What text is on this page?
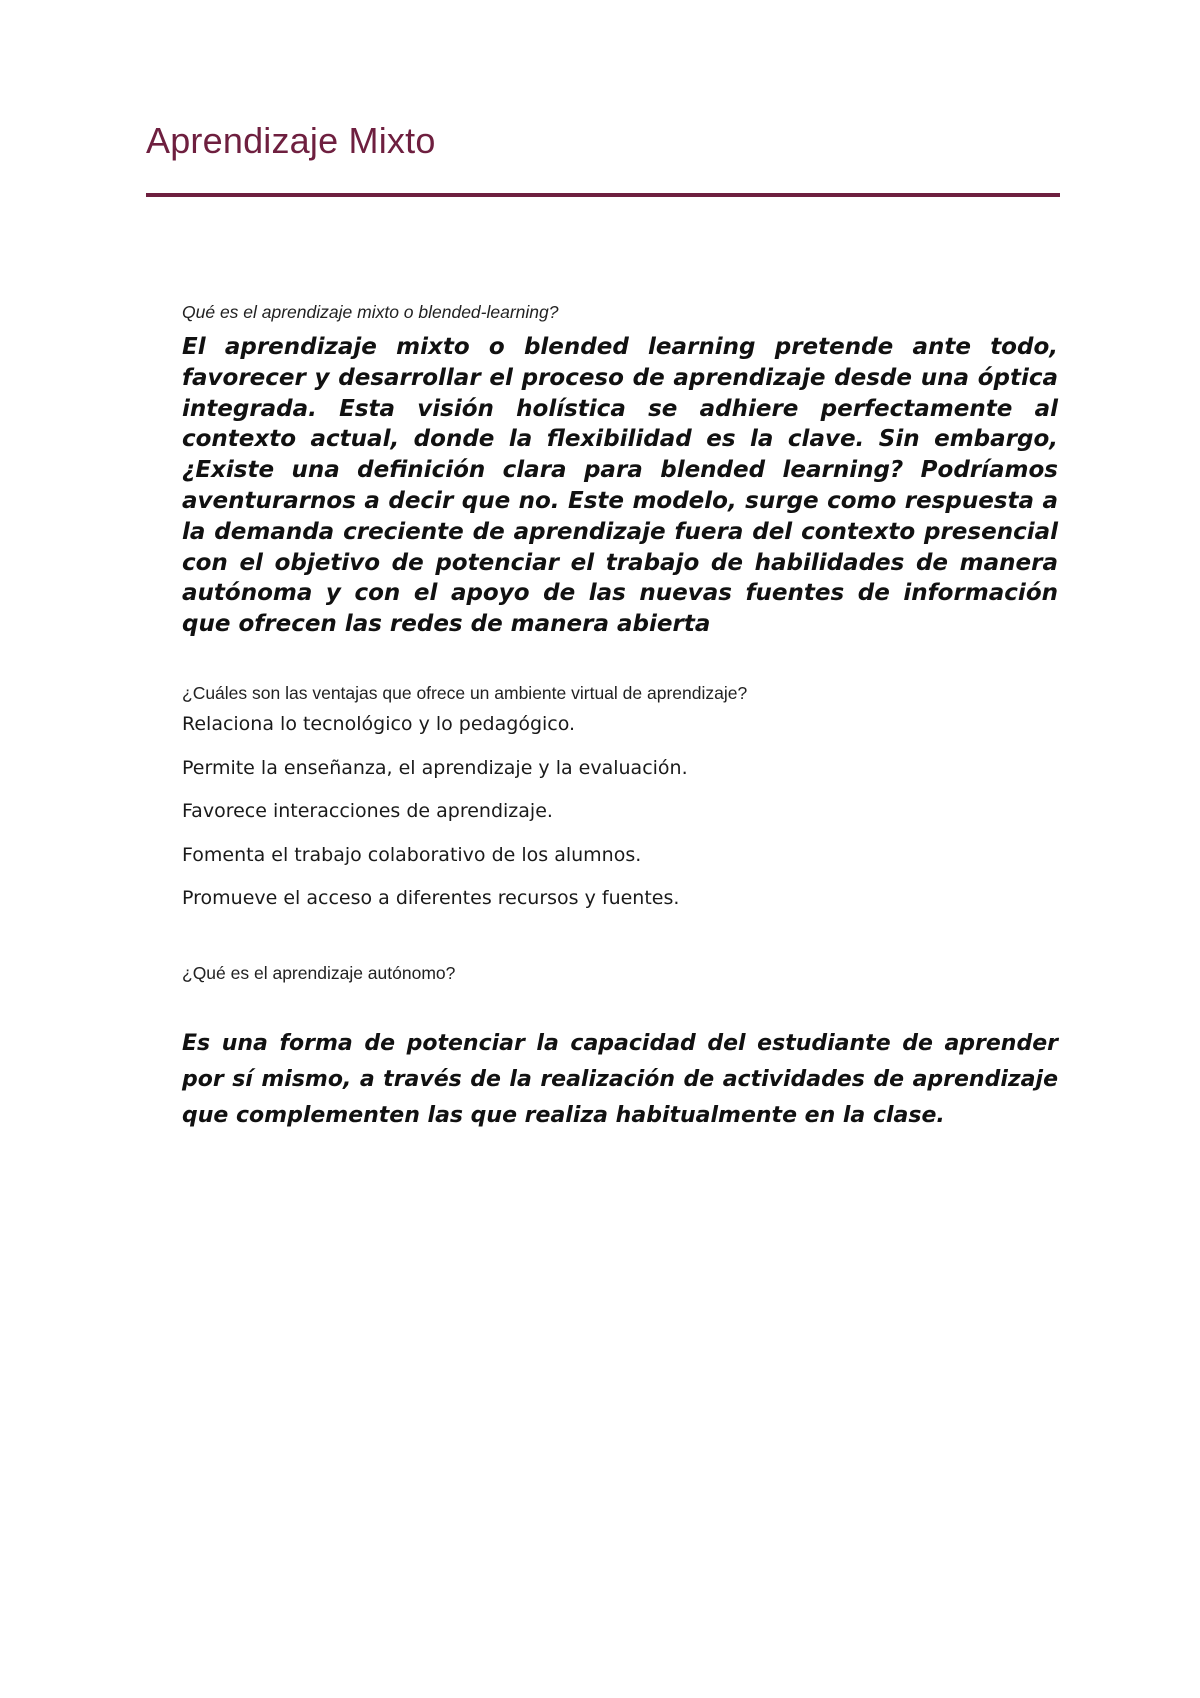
Aprendizaje Mixto

Qué es el aprendizaje mixto o blended-learning?

El aprendizaje mixto o blended learning pretende ante todo, favorecer y desarrollar el proceso de aprendizaje desde una óptica integrada. Esta visión holística se adhiere perfectamente al contexto actual, donde la flexibilidad es la clave. Sin embargo, ¿Existe una definición clara para blended learning? Podríamos aventurarnos a decir que no. Este modelo, surge como respuesta a la demanda creciente de aprendizaje fuera del contexto presencial con el objetivo de potenciar el trabajo de habilidades de manera autónoma y con el apoyo de las nuevas fuentes de información que ofrecen las redes de manera abierta

¿Cuáles son las ventajas que ofrece un ambiente virtual de aprendizaje?

Relaciona lo tecnológico y lo pedagógico.
Permite la enseñanza, el aprendizaje y la evaluación.
Favorece interacciones de aprendizaje.
Fomenta el trabajo colaborativo de los alumnos.
Promueve el acceso a diferentes recursos y fuentes.

¿Qué es el aprendizaje autónomo?

Es una forma de potenciar la capacidad del estudiante de aprender por sí mismo, a través de la realización de actividades de aprendizaje que complementen las que realiza habitualmente en la clase.
